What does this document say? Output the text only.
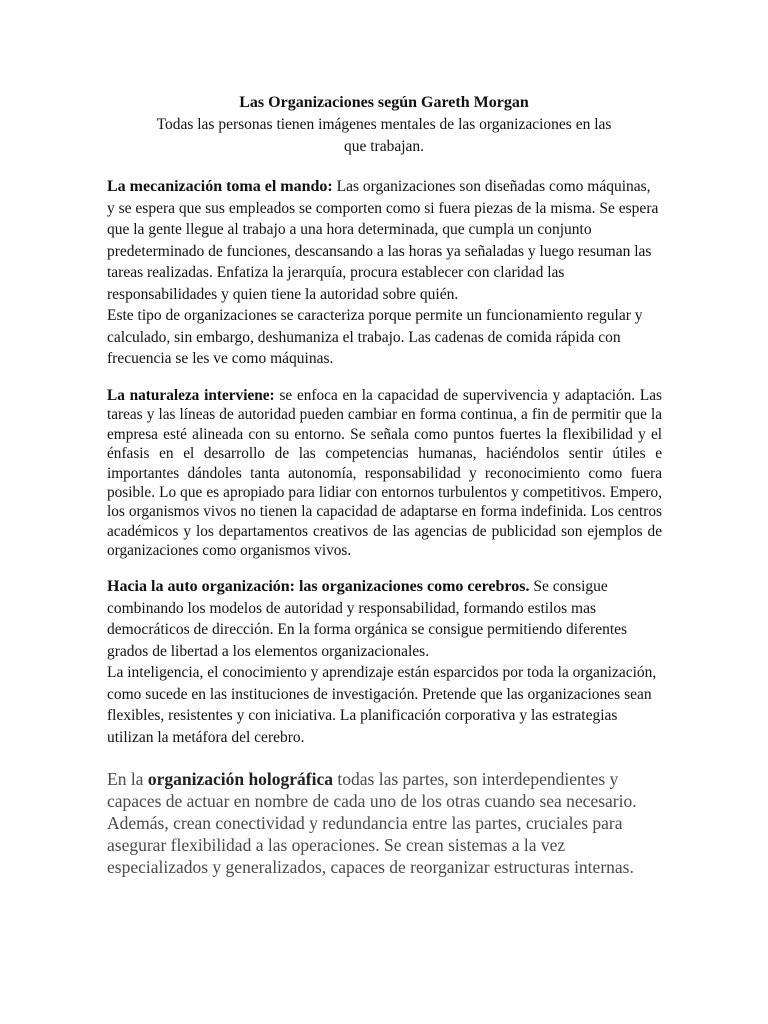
Las Organizaciones según Gareth Morgan
Todas las personas tienen imágenes mentales de las organizaciones en las que trabajan.

La mecanización toma el mando: Las organizaciones son diseñadas como máquinas, y se espera que sus empleados se comporten como si fuera piezas de la misma. Se espera que la gente llegue al trabajo a una hora determinada, que cumpla un conjunto predeterminado de funciones, descansando a las horas ya señaladas y luego resuman las tareas realizadas. Enfatiza la jerarquía, procura establecer con claridad las responsabilidades y quien tiene la autoridad sobre quién.

Este tipo de organizaciones se caracteriza porque permite un funcionamiento regular y calculado, sin embargo, deshumaniza el trabajo. Las cadenas de comida rápida con frecuencia se les ve como máquinas.

La naturaleza interviene: se enfoca en la capacidad de supervivencia y adaptación. Las tareas y las líneas de autoridad pueden cambiar en forma continua, a fin de permitir que la empresa esté alineada con su entorno. Se señala como puntos fuertes la flexibilidad y el énfasis en el desarrollo de las competencias humanas, haciéndolos sentir útiles e importantes dándoles tanta autonomía, responsabilidad y reconocimiento como fuera posible. Lo que es apropiado para lidiar con entornos turbulentos y competitivos. Empero, los organismos vivos no tienen la capacidad de adaptarse en forma indefinida. Los centros académicos y los departamentos creativos de las agencias de publicidad son ejemplos de organizaciones como organismos vivos.

Hacia la auto organización: las organizaciones como cerebros. Se consigue combinando los modelos de autoridad y responsabilidad, formando estilos mas democráticos de dirección. En la forma orgánica se consigue permitiendo diferentes grados de libertad a los elementos organizacionales.

La inteligencia, el conocimiento y aprendizaje están esparcidos por toda la organización, como sucede en las instituciones de investigación. Pretende que las organizaciones sean flexibles, resistentes y con iniciativa. La planificación corporativa y las estrategias utilizan la metáfora del cerebro.

En la organización holográfica todas las partes, son interdependientes y capaces de actuar en nombre de cada uno de los otras cuando sea necesario. Además, crean conectividad y redundancia entre las partes, cruciales para asegurar flexibilidad a las operaciones. Se crean sistemas a la vez especializados y generalizados, capaces de reorganizar estructuras internas.
